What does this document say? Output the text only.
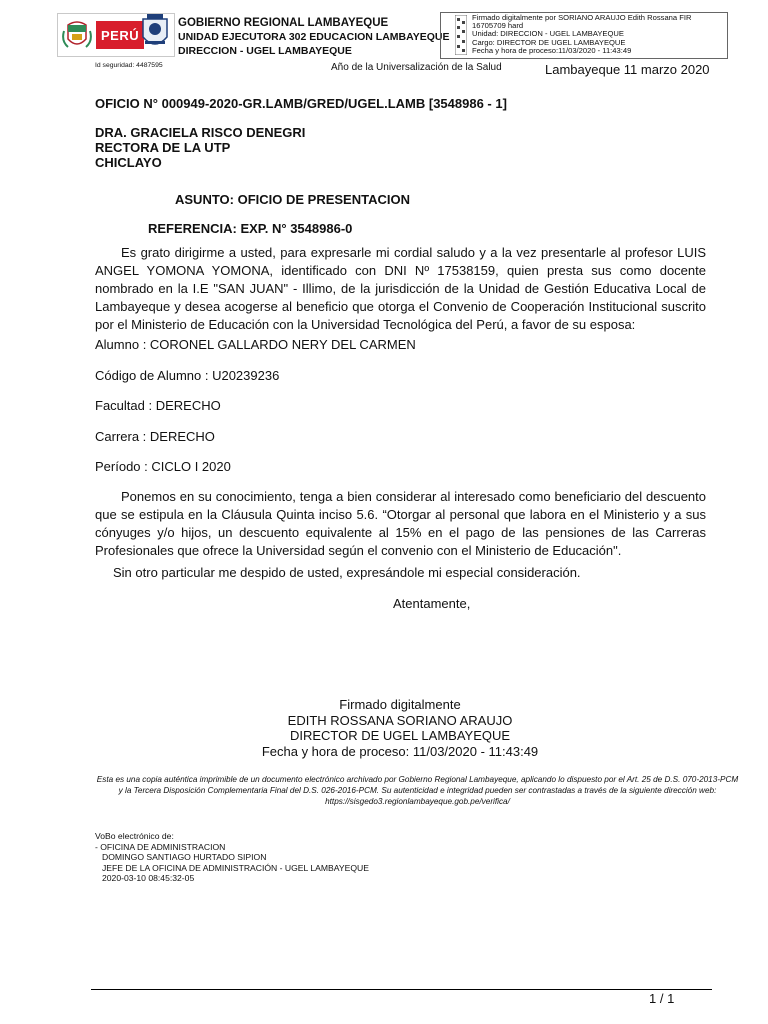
PERÚ
GOBIERNO REGIONAL LAMBAYEQUE
UNIDAD EJECUTORA 302 EDUCACION LAMBAYEQUE
DIRECCION - UGEL LAMBAYEQUE
Firmado digitalmente por SORIANO ARAUJO Edith Rossana FIR
16705709 hard
Unidad: DIRECCION - UGEL LAMBAYEQUE
Cargo: DIRECTOR DE UGEL LAMBAYEQUE
Fecha y hora de proceso:11/03/2020 - 11:43:49
Id seguridad: 4487595	Año de la Universalización de la Salud	Lambayeque 11 marzo 2020
OFICIO N° 000949-2020-GR.LAMB/GRED/UGEL.LAMB [3548986 - 1]
DRA. GRACIELA RISCO DENEGRI
RECTORA DE LA UTP
CHICLAYO
ASUNTO: OFICIO DE PRESENTACION
REFERENCIA: EXP. N° 3548986-0
Es grato dirigirme a usted, para expresarle mi cordial saludo y a la vez presentarle al profesor LUIS ANGEL YOMONA YOMONA, identificado con DNI Nº 17538159, quien presta sus como docente nombrado en la I.E "SAN JUAN" - Illimo, de la jurisdicción de la Unidad de Gestión Educativa Local de Lambayeque y desea acogerse al beneficio que otorga el Convenio de Cooperación Institucional suscrito por el Ministerio de Educación con la Universidad Tecnológica del Perú, a favor de su esposa:
Alumno : CORONEL GALLARDO NERY DEL CARMEN
Código de Alumno : U20239236
Facultad : DERECHO
Carrera : DERECHO
Período : CICLO I 2020
Ponemos en su conocimiento, tenga a bien considerar al interesado como beneficiario del descuento que se estipula en la Cláusula Quinta inciso 5.6. “Otorgar al personal que labora en el Ministerio y a sus cónyuges y/o hijos, un descuento equivalente al 15% en el pago de las pensiones de las Carreras Profesionales que ofrece la Universidad según el convenio con el Ministerio de Educación".
Sin otro particular me despido de usted, expresándole mi especial consideración.
Atentamente,
Firmado digitalmente
EDITH ROSSANA SORIANO ARAUJO
DIRECTOR DE UGEL LAMBAYEQUE
Fecha y hora de proceso: 11/03/2020 - 11:43:49
Esta es una copia auténtica imprimible de un documento electrónico archivado por Gobierno Regional Lambayeque, aplicando lo dispuesto por el Art. 25 de D.S. 070-2013-PCM y la Tercera Disposición Complementaria Final del D.S. 026-2016-PCM. Su autenticidad e integridad pueden ser contrastadas a través de la siguiente dirección web: https://sisgedo3.regionlambayeque.gob.pe/verifica/
VoBo electrónico de:
- OFICINA DE ADMINISTRACION
DOMINGO SANTIAGO HURTADO SIPION
JEFE DE LA OFICINA DE ADMINISTRACIÓN - UGEL LAMBAYEQUE
2020-03-10 08:45:32-05
1 / 1
